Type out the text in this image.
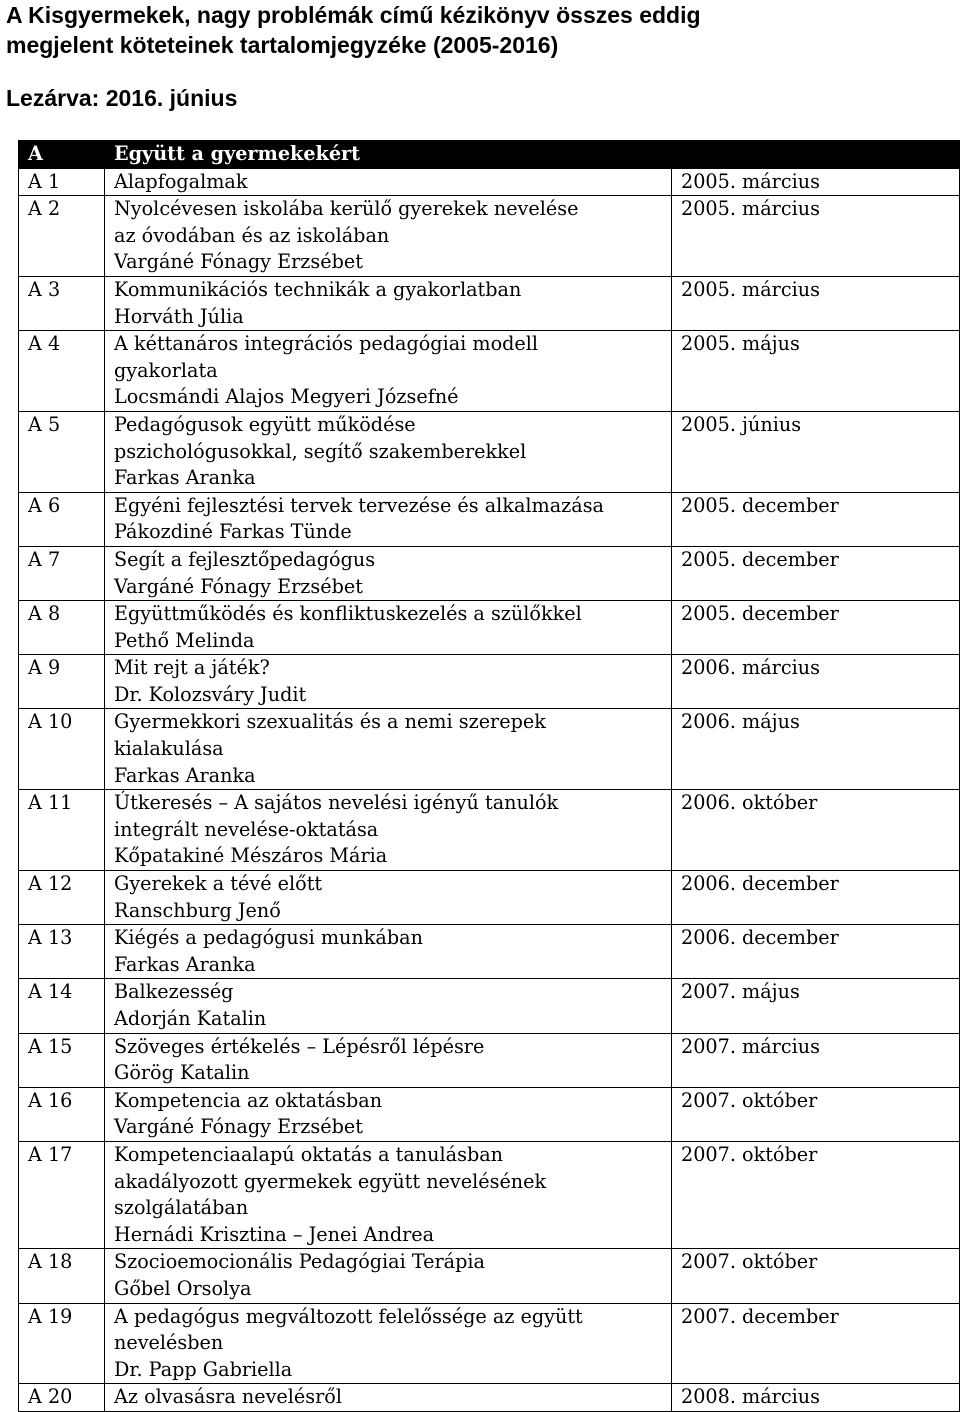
A Kisgyermekek, nagy problémák című kézikönyv összes eddig
megjelent köteteinek tartalomjegyzéke (2005-2016)
Lezárva: 2016. június
A	Együtt a gyermekekért	
A 1	Alapfogalmak	2005. március
A 2	Nyolcévesen iskolába kerülő gyerekek nevelése
az óvodában és az iskolában
Vargáné Fónagy Erzsébet	2005. március
A 3	Kommunikációs technikák a gyakorlatban
Horváth Júlia	2005. március
A 4	A kéttanáros integrációs pedagógiai modell
gyakorlata
Locsmándi Alajos Megyeri Józsefné	2005. május
A 5	Pedagógusok együtt működése
pszichológusokkal, segítő szakemberekkel
Farkas Aranka	2005. június
A 6	Egyéni fejlesztési tervek tervezése és alkalmazása
Pákozdiné Farkas Tünde	2005. december
A 7	Segít a fejlesztőpedagógus
Vargáné Fónagy Erzsébet	2005. december
A 8	Együttműködés és konfliktuskezelés a szülőkkel
Pethő Melinda	2005. december
A 9	Mit rejt a játék?
Dr. Kolozsváry Judit	2006. március
A 10	Gyermekkori szexualitás és a nemi szerepek
kialakulása
Farkas Aranka	2006. május
A 11	Útkeresés – A sajátos nevelési igényű tanulók
integrált nevelése-oktatása
Kőpatakiné Mészáros Mária	2006. október
A 12	Gyerekek a tévé előtt
Ranschburg Jenő	2006. december
A 13	Kiégés a pedagógusi munkában
Farkas Aranka	2006. december
A 14	Balkezesség
Adorján Katalin	2007. május
A 15	Szöveges értékelés – Lépésről lépésre
Görög Katalin	2007. március
A 16	Kompetencia az oktatásban
Vargáné Fónagy Erzsébet	2007. október
A 17	Kompetenciaalapú oktatás a tanulásban
akadályozott gyermekek együtt nevelésének
szolgálatában
Hernádi Krisztina – Jenei Andrea	2007. október
A 18	Szocioemocionális Pedagógiai Terápia
Gőbel Orsolya	2007. október
A 19	A pedagógus megváltozott felelőssége az együtt
nevelésben
Dr. Papp Gabriella	2007. december
A 20	Az olvasásra nevelésről	2008. március
